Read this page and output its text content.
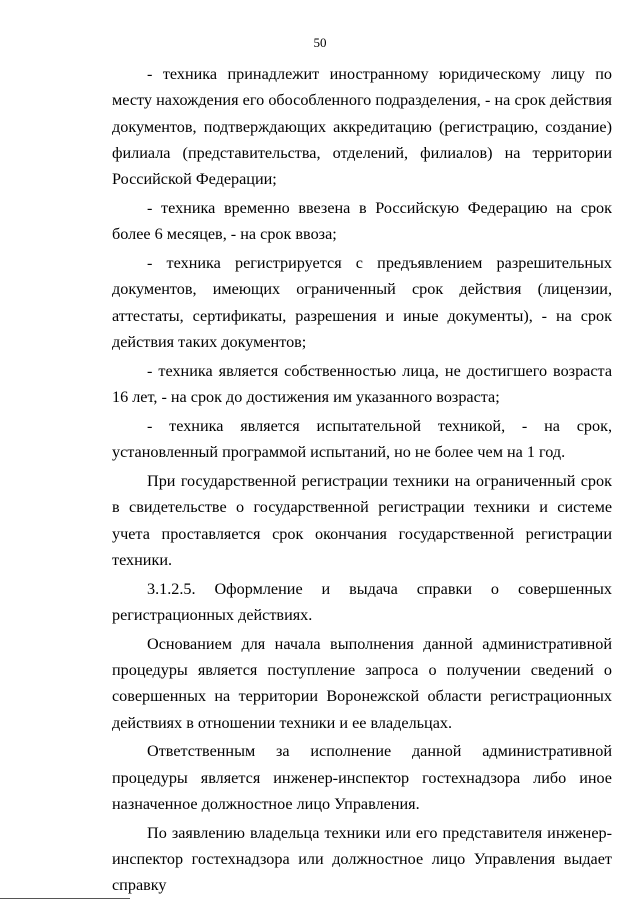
50

- техника принадлежит иностранному юридическому лицу по месту нахождения его обособленного подразделения, - на срок действия документов, подтверждающих аккредитацию (регистрацию, создание) филиала (представительства, отделений, филиалов) на территории Российской Федерации;

- техника временно ввезена в Российскую Федерацию на срок более 6 месяцев, - на срок ввоза;

- техника регистрируется с предъявлением разрешительных документов, имеющих ограниченный срок действия (лицензии, аттестаты, сертификаты, разрешения и иные документы), - на срок действия таких документов;

- техника является собственностью лица, не достигшего возраста 16 лет, - на срок до достижения им указанного возраста;

- техника является испытательной техникой, - на срок, установленный программой испытаний, но не более чем на 1 год.

При государственной регистрации техники на ограниченный срок в свидетельстве о государственной регистрации техники и системе учета проставляется срок окончания государственной регистрации техники.

3.1.2.5. Оформление и выдача справки о совершенных регистрационных действиях.

Основанием для начала выполнения данной административной процедуры является поступление запроса о получении сведений о совершенных на территории Воронежской области регистрационных действиях в отношении техники и ее владельцах.

Ответственным за исполнение данной административной процедуры является инженер-инспектор гостехнадзора либо иное назначенное должностное лицо Управления.

По заявлению владельца техники или его представителя инженер-инспектор гостехнадзора или должностное лицо Управления выдает справку
